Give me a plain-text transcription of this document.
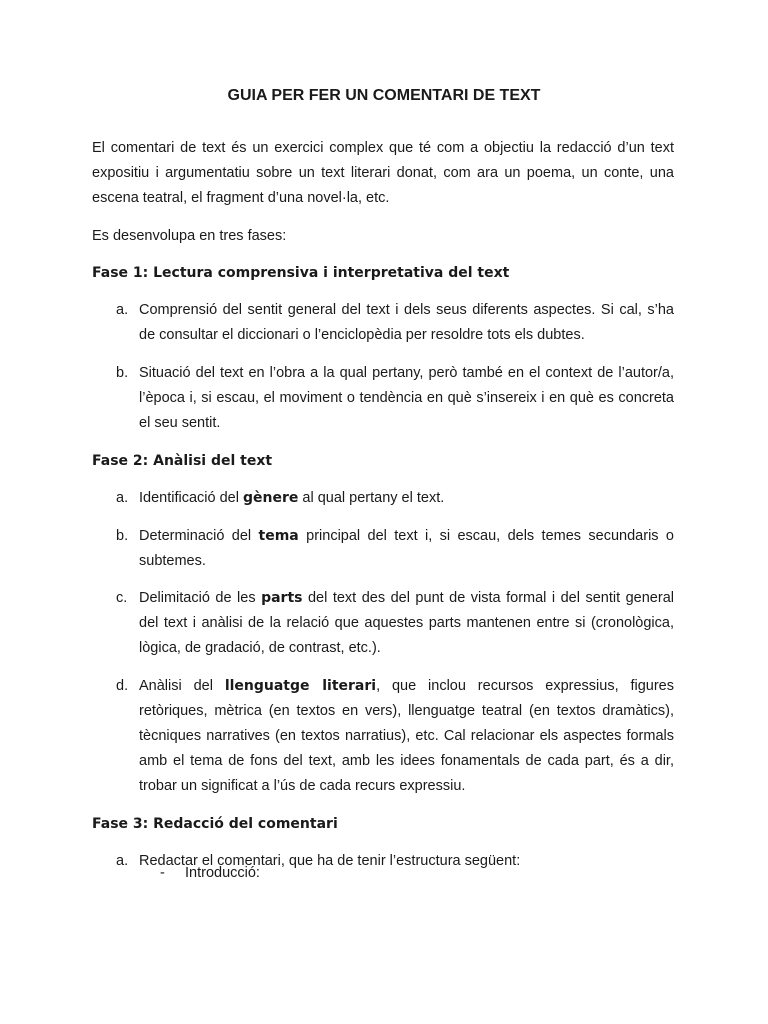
GUIA PER FER UN COMENTARI DE TEXT

El comentari de text és un exercici complex que té com a objectiu la redacció d’un text expositiu i argumentatiu sobre un text literari donat, com ara un poema, un conte, una escena teatral, el fragment d’una novel·la, etc.

Es desenvolupa en tres fases:

Fase 1: Lectura comprensiva i interpretativa del text

a. Comprensió del sentit general del text i dels seus diferents aspectes. Si cal, s’ha de consultar el diccionari o l’enciclopèdia per resoldre tots els dubtes.
b. Situació del text en l’obra a la qual pertany, però també en el context de l’autor/a, l’època i, si escau, el moviment o tendència en què s’insereix i en què es concreta el seu sentit.

Fase 2: Anàlisi del text

a. Identificació del gènere al qual pertany el text.
b. Determinació del tema principal del text i, si escau, dels temes secundaris o subtemes.
c. Delimitació de les parts del text des del punt de vista formal i del sentit general del text i anàlisi de la relació que aquestes parts mantenen entre si (cronològica, lògica, de gradació, de contrast, etc.).
d. Anàlisi del llenguatge literari, que inclou recursos expressius, figures retòriques, mètrica (en textos en vers), llenguatge teatral (en textos dramàtics), tècniques narratives (en textos narratius), etc. Cal relacionar els aspectes formals amb el tema de fons del text, amb les idees fonamentals de cada part, és a dir, trobar un significat a l’ús de cada recurs expressiu.

Fase 3: Redacció del comentari

a. Redactar el comentari, que ha de tenir l’estructura següent:
- Introducció:
